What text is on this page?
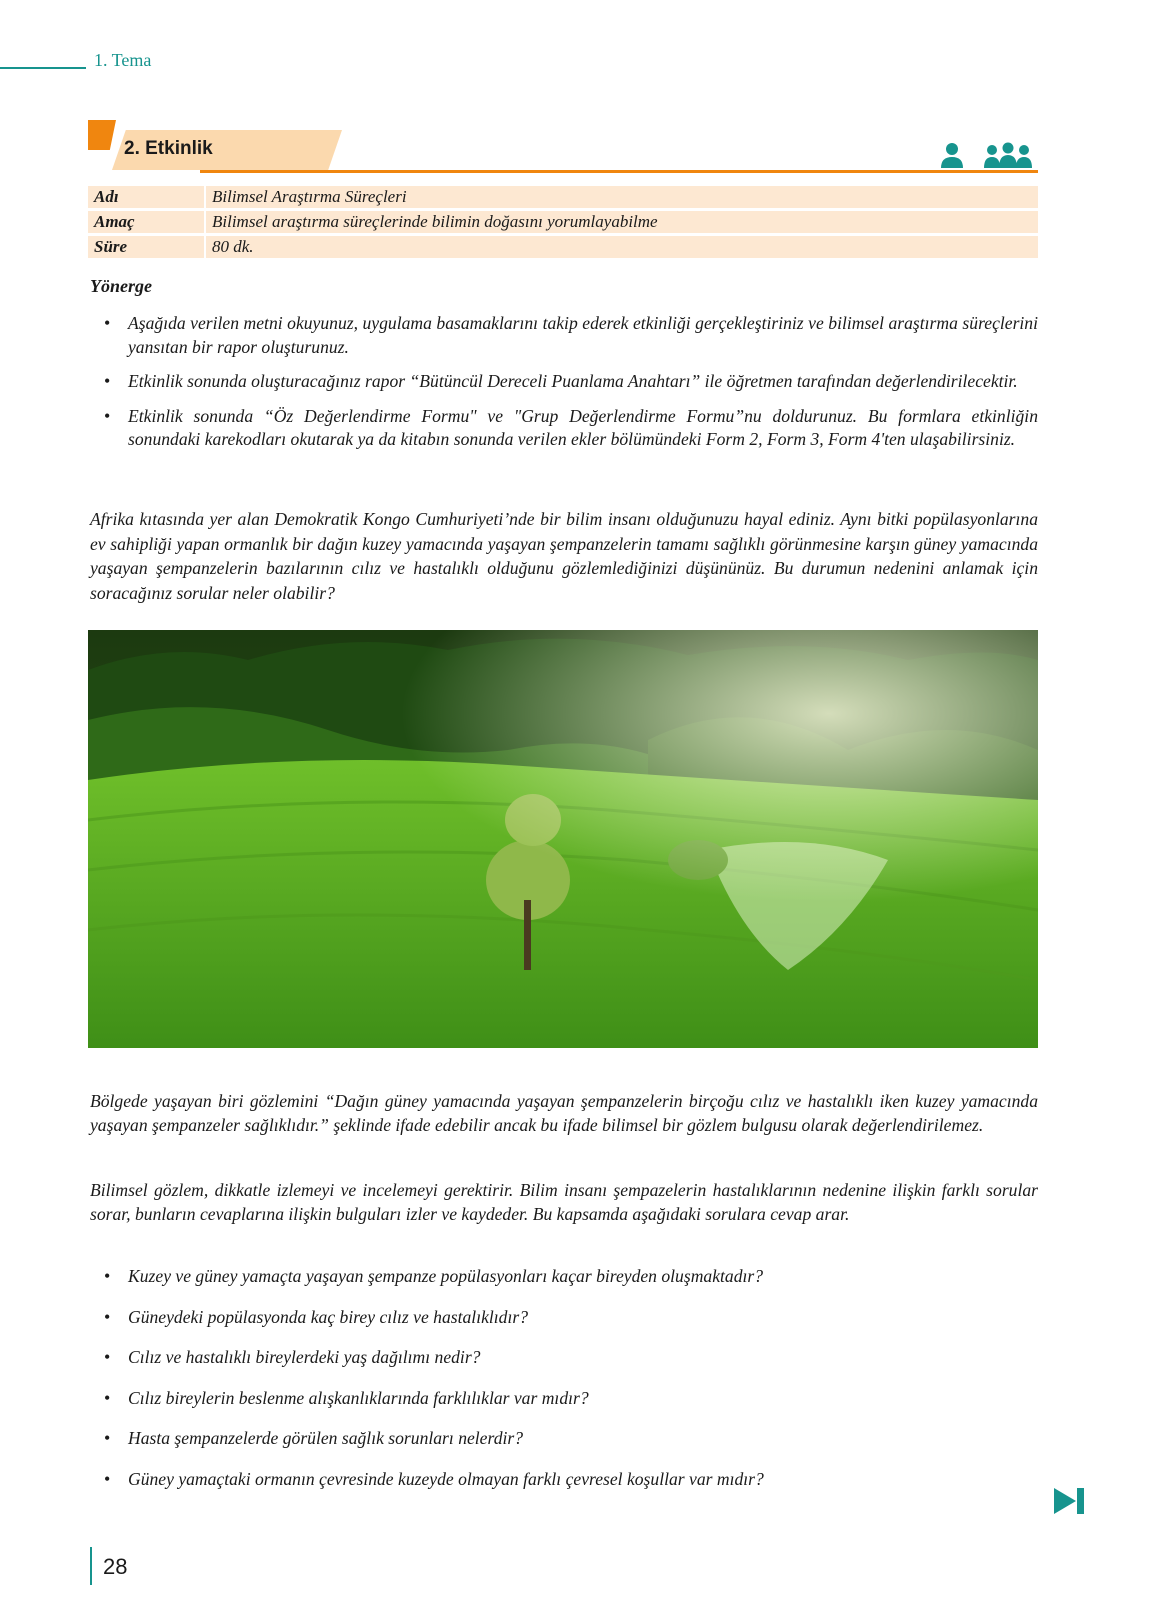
1. Tema
2. Etkinlik
Adı		Bilimsel Araştırma Süreçleri
Amaç		Bilimsel araştırma süreçlerinde bilimin doğasını yorumlayabilme
Süre		80 dk.
Yönerge
• Aşağıda verilen metni okuyunuz, uygulama basamaklarını takip ederek etkinliği gerçekleştiriniz ve bilimsel araştırma süreçlerini yansıtan bir rapor oluşturunuz.
• Etkinlik sonunda oluşturacağınız rapor “Bütüncül Dereceli Puanlama Anahtarı” ile öğretmen tarafından değerlendirilecektir.
• Etkinlik sonunda “Öz Değerlendirme Formu" ve "Grup Değerlendirme Formu”nu doldurunuz. Bu formlara etkinliğin sonundaki karekodları okutarak ya da kitabın sonunda verilen ekler bölümündeki Form 2, Form 3, Form 4'ten ulaşabilirsiniz.

Afrika kıtasında yer alan Demokratik Kongo Cumhuriyeti’nde bir bilim insanı olduğunuzu hayal ediniz. Aynı bitki popülasyonlarına ev sahipliği yapan ormanlık bir dağın kuzey yamacında yaşayan şempanzelerin tamamı sağlıklı görünmesine karşın güney yamacında yaşayan şempanzelerin bazılarının cılız ve hastalıklı olduğunu gözlemlediğinizi düşününüz. Bu durumun nedenini anlamak için soracağınız sorular neler olabilir?

Bölgede yaşayan biri gözlemini “Dağın güney yamacında yaşayan şempanzelerin birçoğu cılız ve hastalıklı iken kuzey yamacında yaşayan şempanzeler sağlıklıdır.” şeklinde ifade edebilir ancak bu ifade bilimsel bir gözlem bulgusu olarak değerlendirilemez.

Bilimsel gözlem, dikkatle izlemeyi ve incelemeyi gerektirir. Bilim insanı şempazelerin hastalıklarının nedenine ilişkin farklı sorular sorar, bunların cevaplarına ilişkin bulguları izler ve kaydeder. Bu kapsamda aşağıdaki sorulara cevap arar.

• Kuzey ve güney yamaçta yaşayan şempanze popülasyonları kaçar bireyden oluşmaktadır?
• Güneydeki popülasyonda kaç birey cılız ve hastalıklıdır?
• Cılız ve hastalıklı bireylerdeki yaş dağılımı nedir?
• Cılız bireylerin beslenme alışkanlıklarında farklılıklar var mıdır?
• Hasta şempanzelerde görülen sağlık sorunları nelerdir?
• Güney yamaçtaki ormanın çevresinde kuzeyde olmayan farklı çevresel koşullar var mıdır?
28
